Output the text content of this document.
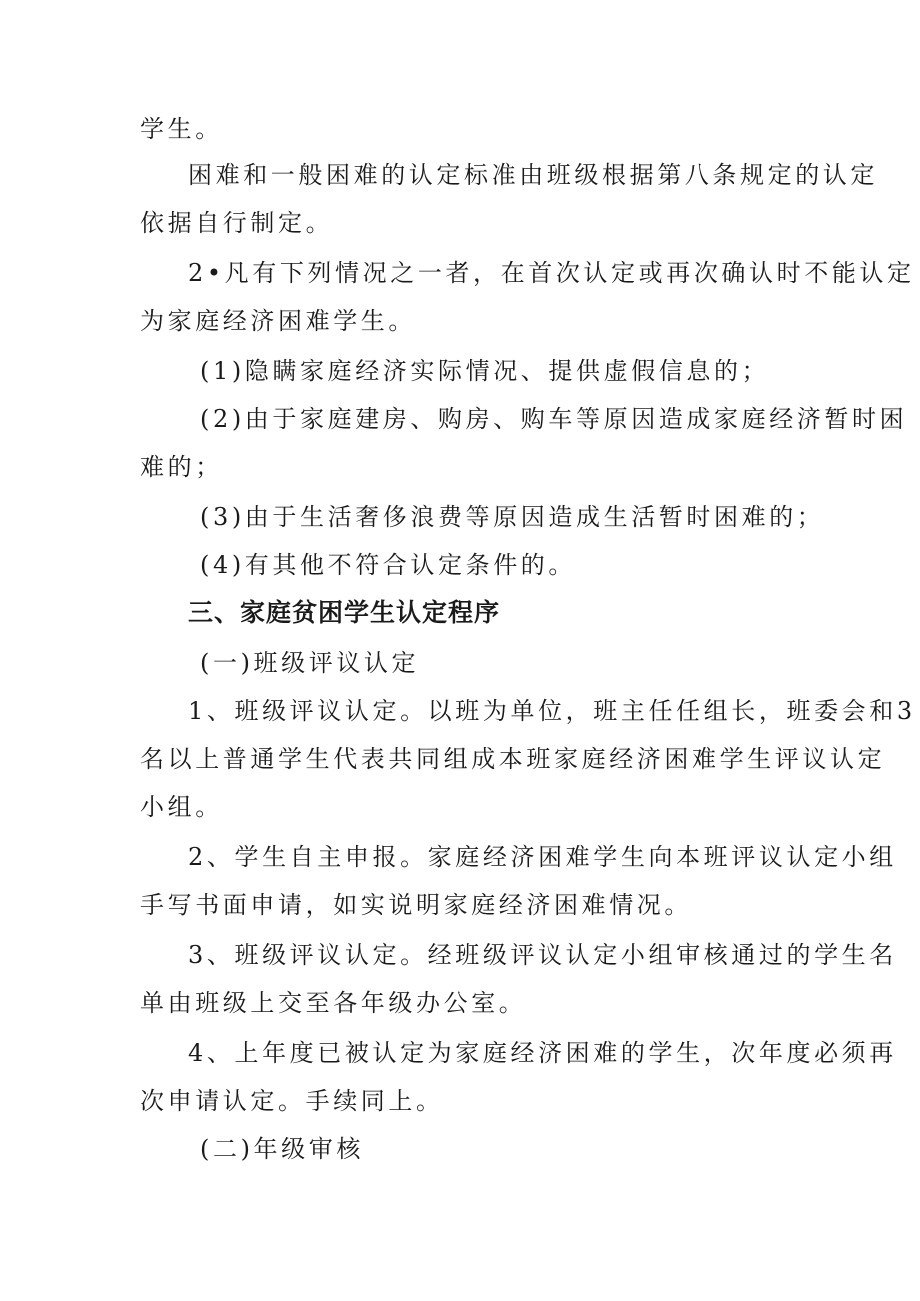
学生。
困难和一般困难的认定标准由班级根据第八条规定的认定
依据自行制定。
2•凡有下列情况之一者，在首次认定或再次确认时不能认定
为家庭经济困难学生。
(1)隐瞒家庭经济实际情况、提供虚假信息的；
(2)由于家庭建房、购房、购车等原因造成家庭经济暂时困
难的；
(3)由于生活奢侈浪费等原因造成生活暂时困难的；
(4)有其他不符合认定条件的。
三、家庭贫困学生认定程序
(一)班级评议认定
1、班级评议认定。以班为单位，班主任任组长，班委会和3
名以上普通学生代表共同组成本班家庭经济困难学生评议认定
小组。
2、学生自主申报。家庭经济困难学生向本班评议认定小组
手写书面申请，如实说明家庭经济困难情况。
3、班级评议认定。经班级评议认定小组审核通过的学生名
单由班级上交至各年级办公室。
4、上年度已被认定为家庭经济困难的学生，次年度必须再
次申请认定。手续同上。
(二)年级审核
